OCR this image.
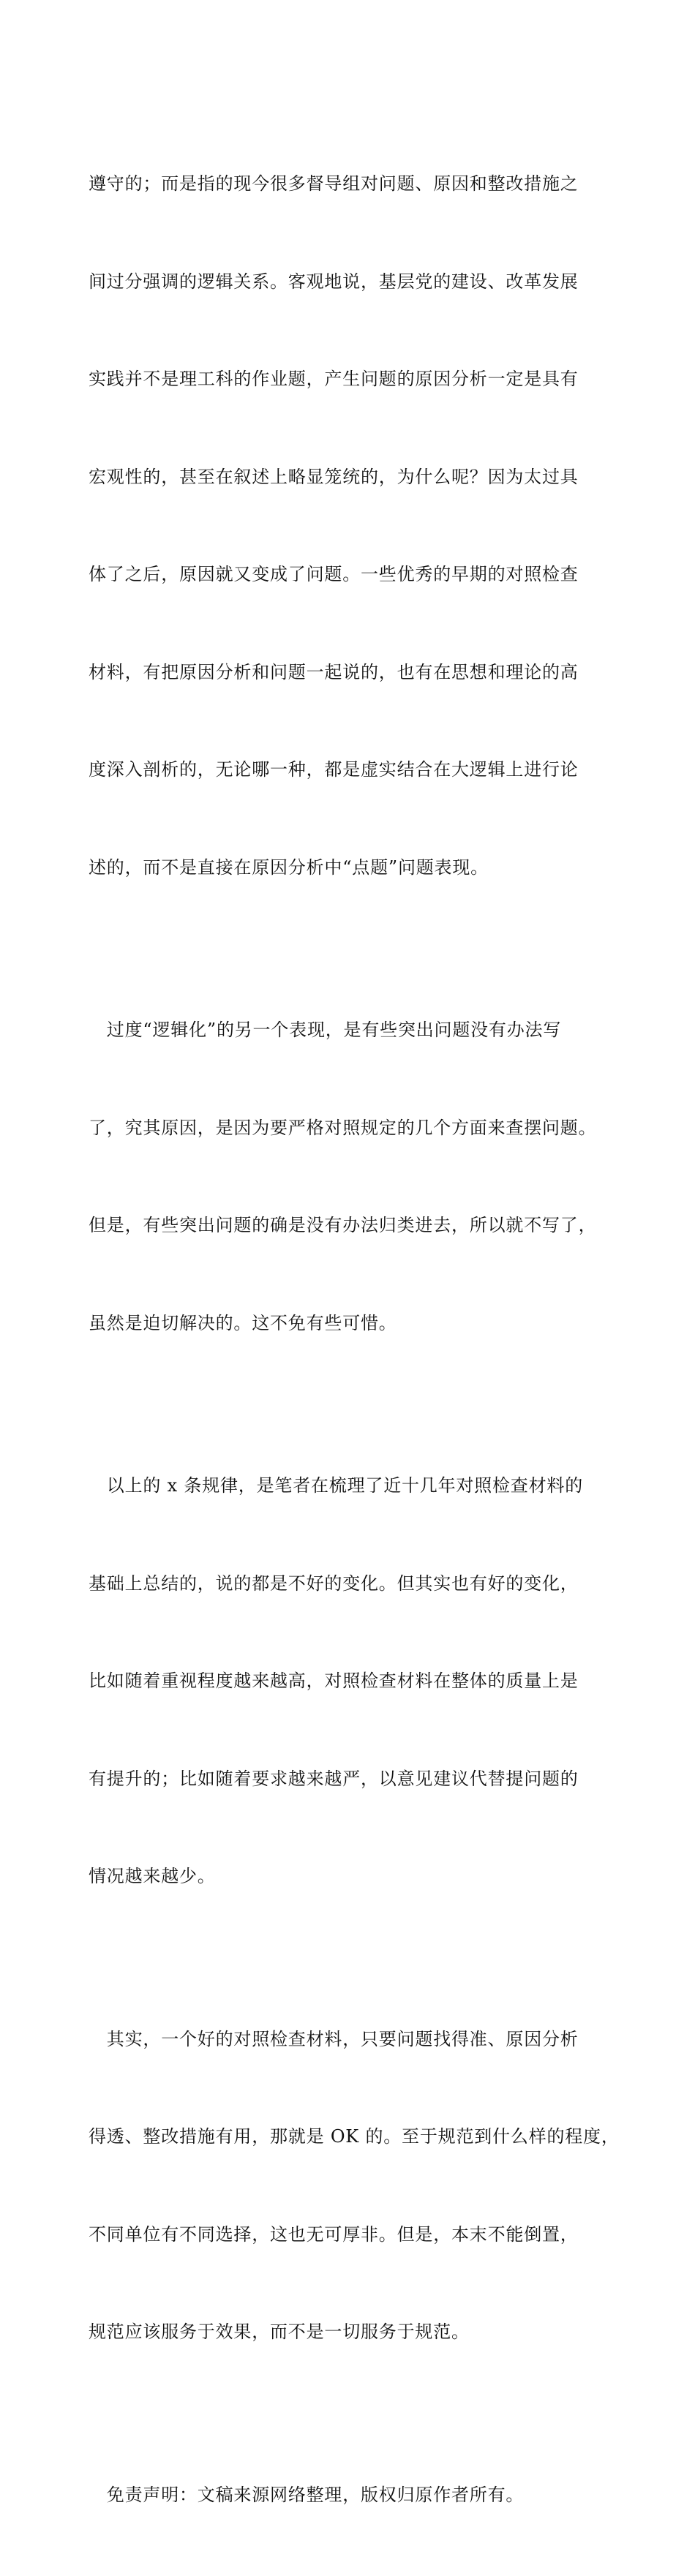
遵守的；而是指的现今很多督导组对问题、原因和整改措施之

间过分强调的逻辑关系。客观地说，基层党的建设、改革发展

实践并不是理工科的作业题，产生问题的原因分析一定是具有

宏观性的，甚至在叙述上略显笼统的，为什么呢？因为太过具

体了之后，原因就又变成了问题。一些优秀的早期的对照检查

材料，有把原因分析和问题一起说的，也有在思想和理论的高

度深入剖析的，无论哪一种，都是虚实结合在大逻辑上进行论

述的，而不是直接在原因分析中“点题”问题表现。

　过度“逻辑化”的另一个表现，是有些突出问题没有办法写

了，究其原因，是因为要严格对照规定的几个方面来查摆问题。

但是，有些突出问题的确是没有办法归类进去，所以就不写了，

虽然是迫切解决的。这不免有些可惜。

　以上的 x 条规律，是笔者在梳理了近十几年对照检查材料的

基础上总结的，说的都是不好的变化。但其实也有好的变化，

比如随着重视程度越来越高，对照检查材料在整体的质量上是

有提升的；比如随着要求越来越严，以意见建议代替提问题的

情况越来越少。

　其实，一个好的对照检查材料，只要问题找得准、原因分析

得透、整改措施有用，那就是 OK 的。至于规范到什么样的程度，

不同单位有不同选择，这也无可厚非。但是，本末不能倒置，

规范应该服务于效果，而不是一切服务于规范。

　免责声明：文稿来源网络整理，版权归原作者所有。
